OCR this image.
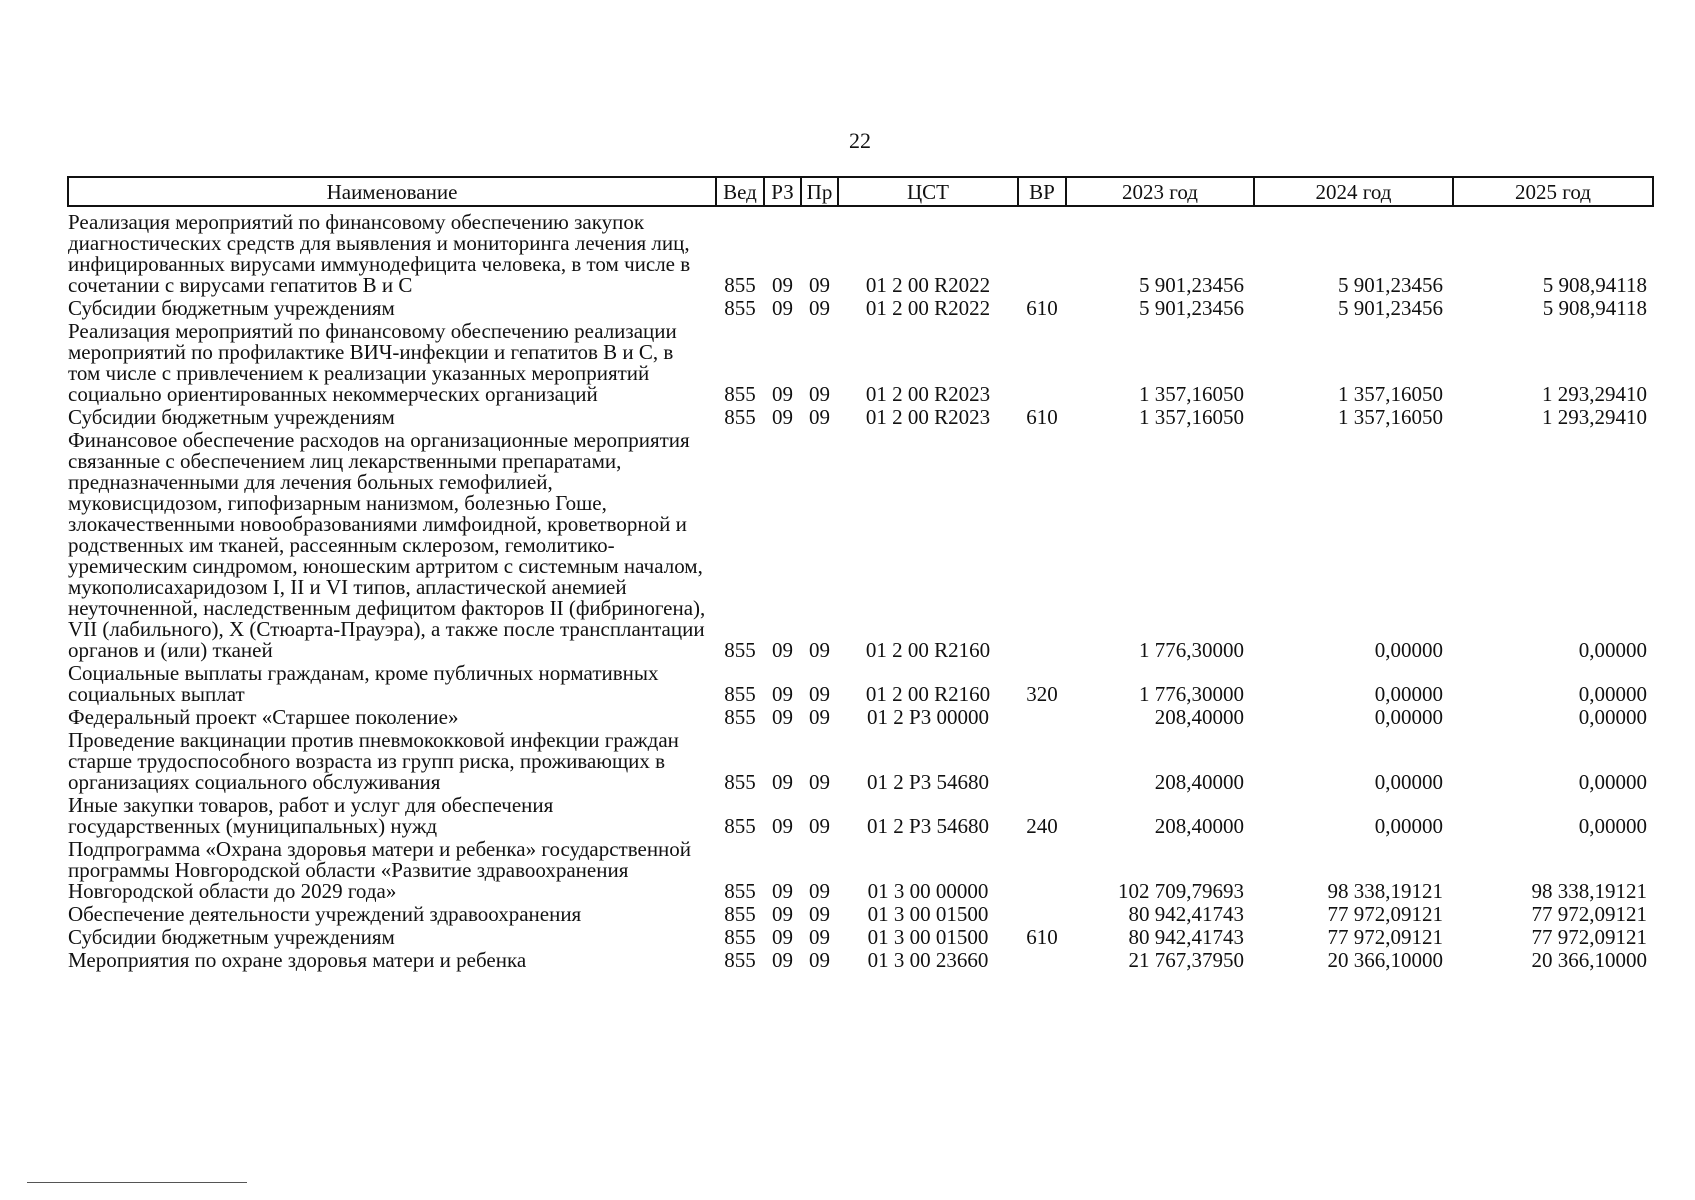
22
Наименование	Вед	РЗ	Пр	ЦСТ	ВР	2023 год	2024 год	2025 год
Реализация мероприятий по финансовому обеспечению закупок диагностических средств для выявления и мониторинга лечения лиц, инфицированных вирусами иммунодефицита человека, в том числе в сочетании с вирусами гепатитов В и С	855	09	09	01 2 00 R2022		5 901,23456	5 901,23456	5 908,94118
Субсидии бюджетным учреждениям	855	09	09	01 2 00 R2022	610	5 901,23456	5 901,23456	5 908,94118
Реализация мероприятий по финансовому обеспечению реализации мероприятий по профилактике ВИЧ-инфекции и гепатитов В и С, в том числе с привлечением к реализации указанных мероприятий социально ориентированных некоммерческих организаций	855	09	09	01 2 00 R2023		1 357,16050	1 357,16050	1 293,29410
Субсидии бюджетным учреждениям	855	09	09	01 2 00 R2023	610	1 357,16050	1 357,16050	1 293,29410
Финансовое обеспечение расходов на организационные мероприятия связанные с обеспечением лиц лекарственными препаратами, предназначенными для лечения больных гемофилией, муковисцидозом, гипофизарным нанизмом, болезнью Гоше, злокачественными новообразованиями лимфоидной, кроветворной и родственных им тканей, рассеянным склерозом, гемолитико-уремическим синдромом, юношеским артритом с системным началом, мукополисахаридозом I, II и VI типов, апластической анемией неуточненной, наследственным дефицитом факторов II (фибриногена), VII (лабильного), X (Стюарта-Прауэра), а также после трансплантации органов и (или) тканей	855	09	09	01 2 00 R2160		1 776,30000	0,00000	0,00000
Социальные выплаты гражданам, кроме публичных нормативных социальных выплат	855	09	09	01 2 00 R2160	320	1 776,30000	0,00000	0,00000
Федеральный проект «Старшее поколение»	855	09	09	01 2 P3 00000		208,40000	0,00000	0,00000
Проведение вакцинации против пневмококковой инфекции граждан старше трудоспособного возраста из групп риска, проживающих в организациях социального обслуживания	855	09	09	01 2 P3 54680		208,40000	0,00000	0,00000
Иные закупки товаров, работ и услуг для обеспечения государственных (муниципальных) нужд	855	09	09	01 2 P3 54680	240	208,40000	0,00000	0,00000
Подпрограмма «Охрана здоровья матери и ребенка» государственной программы Новгородской области «Развитие здравоохранения Новгородской области до 2029 года»	855	09	09	01 3 00 00000		102 709,79693	98 338,19121	98 338,19121
Обеспечение деятельности учреждений здравоохранения	855	09	09	01 3 00 01500		80 942,41743	77 972,09121	77 972,09121
Субсидии бюджетным учреждениям	855	09	09	01 3 00 01500	610	80 942,41743	77 972,09121	77 972,09121
Мероприятия по охране здоровья матери и ребенка	855	09	09	01 3 00 23660		21 767,37950	20 366,10000	20 366,10000
